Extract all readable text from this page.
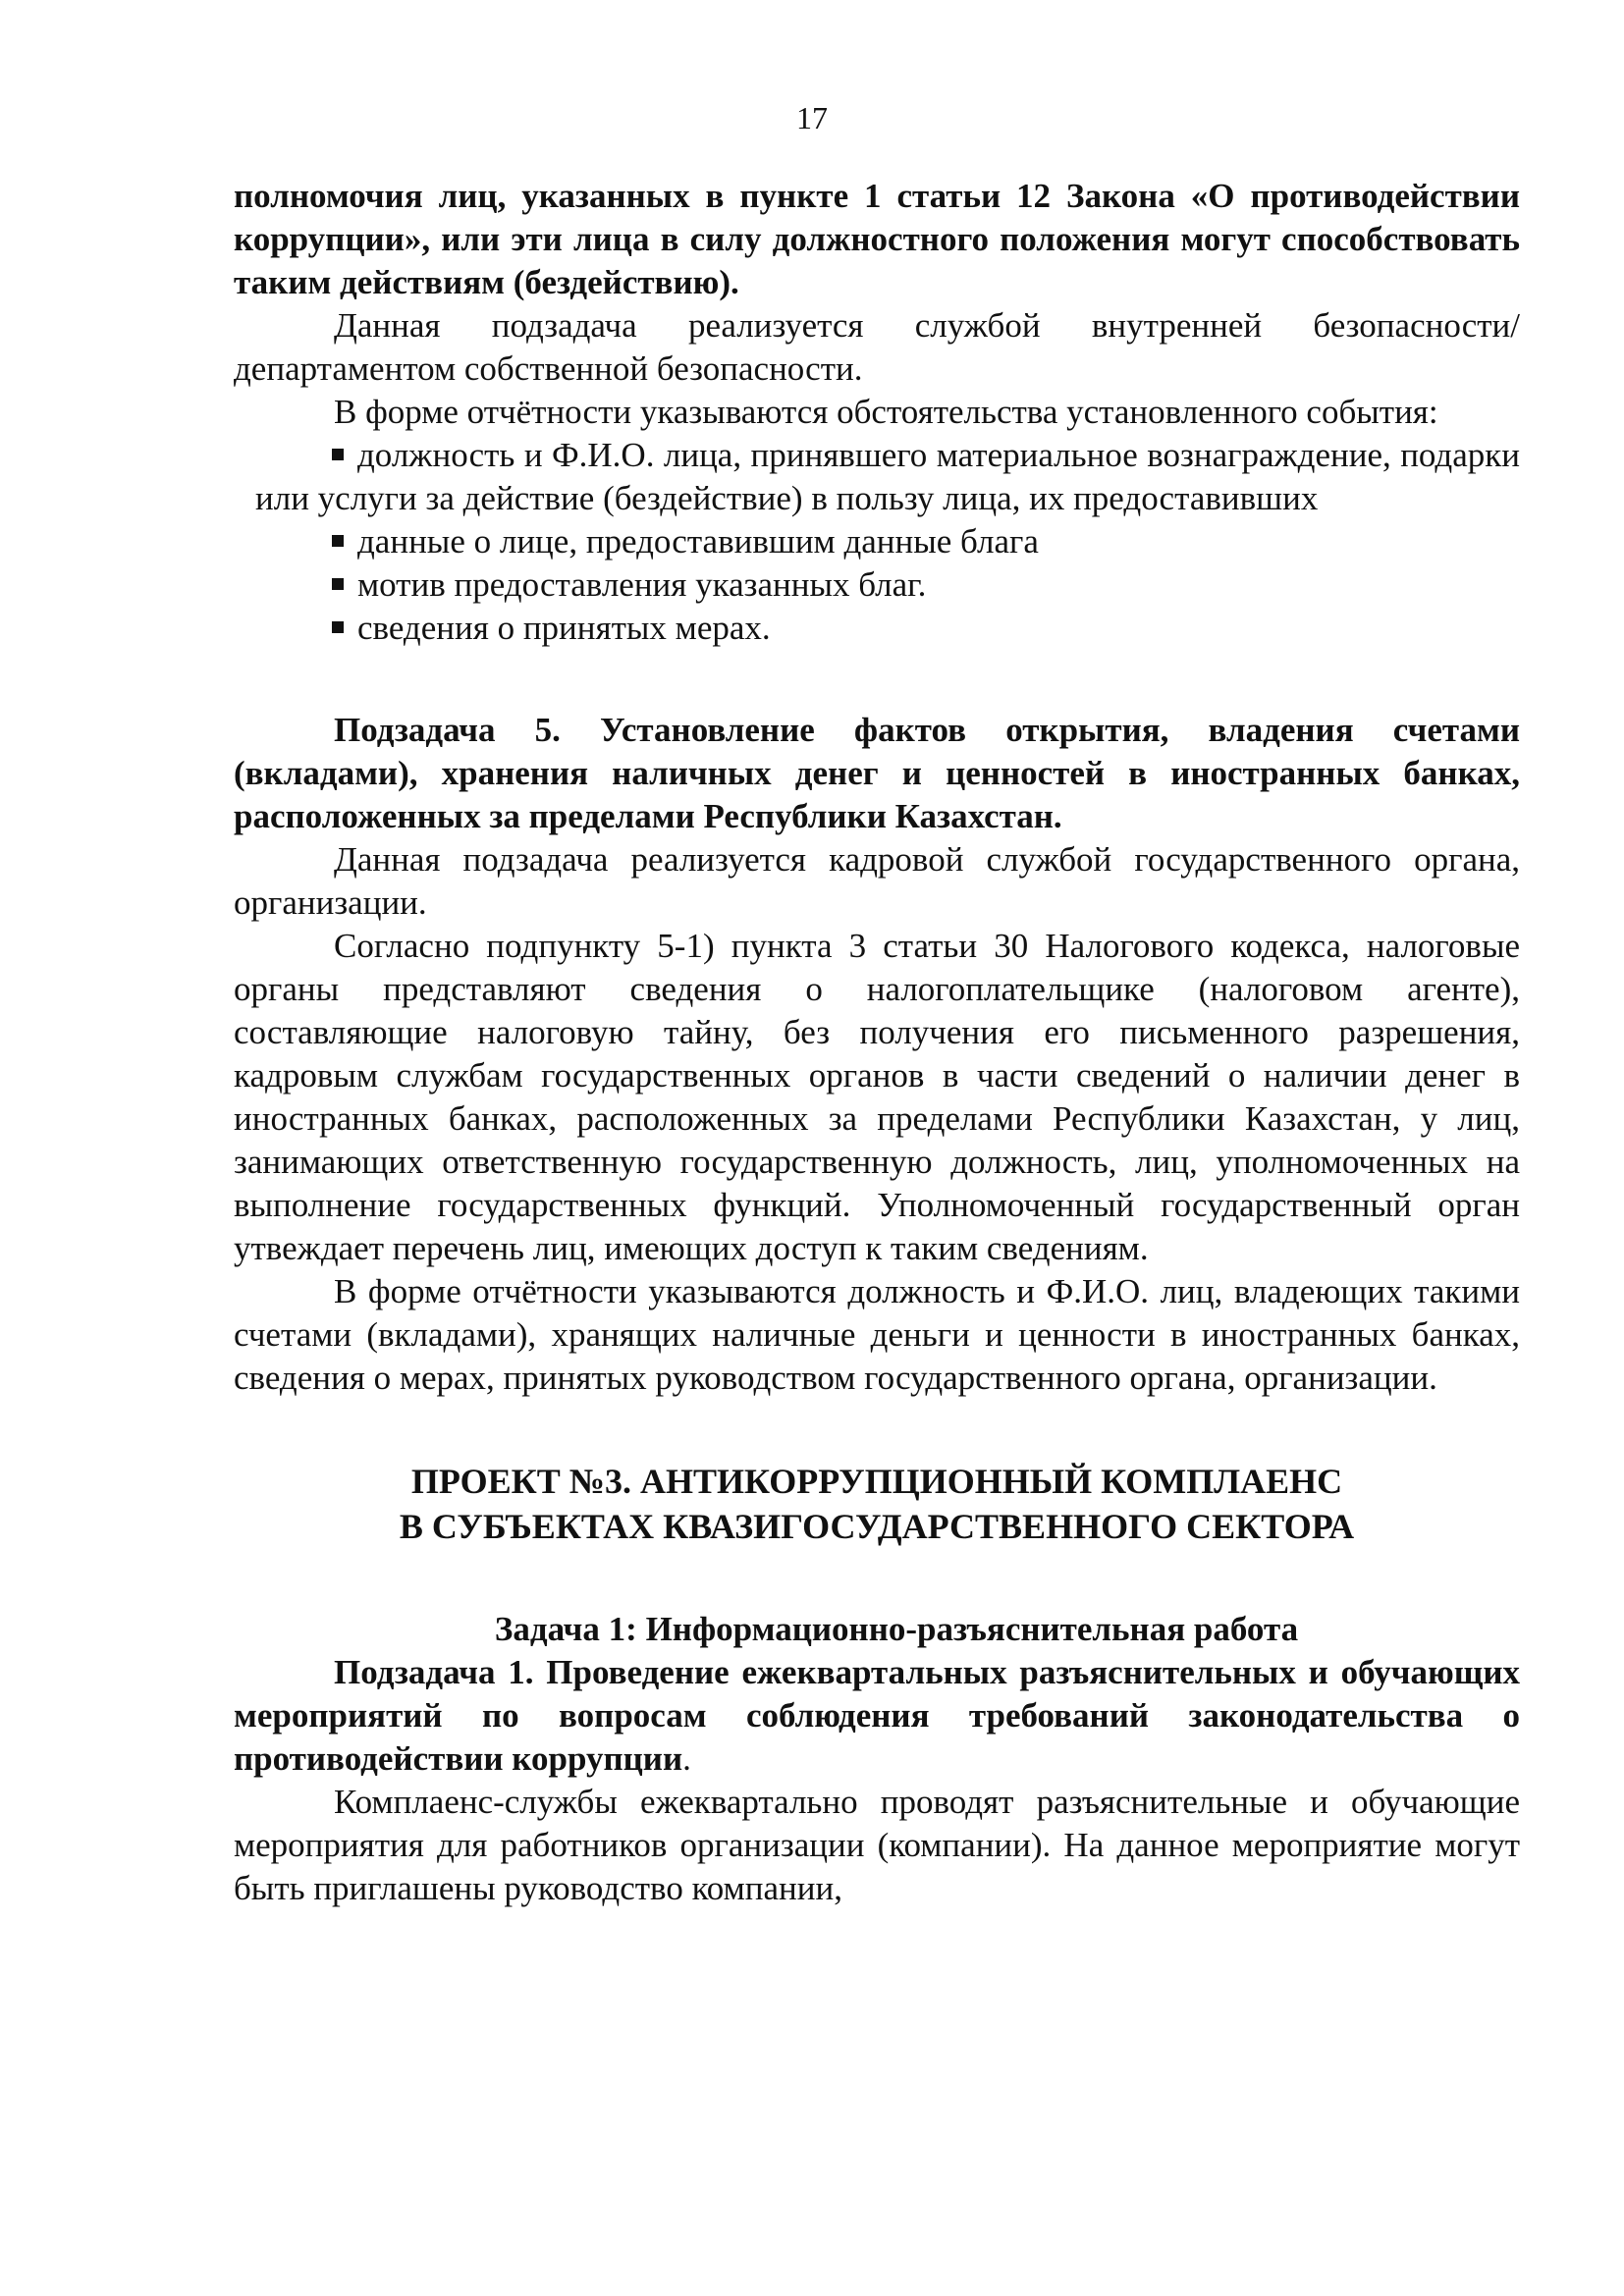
17

полномочия лиц, указанных в пункте 1 статьи 12 Закона «О противодействии коррупции», или эти лица в силу должностного положения могут способствовать таким действиям (бездействию).

Данная подзадача реализуется службой внутренней безопасности/департаментом собственной безопасности.

В форме отчётности указываются обстоятельства установленного события:

должность и Ф.И.О. лица, принявшего материальное вознаграждение, подарки или услуги за действие (бездействие) в пользу лица, их предоставивших
данные о лице, предоставившим данные блага
мотив предоставления указанных благ.
сведения о принятых мерах.

Подзадача 5. Установление фактов открытия, владения счетами (вкладами), хранения наличных денег и ценностей в иностранных банках, расположенных за пределами Республики Казахстан.

Данная подзадача реализуется кадровой службой государственного органа, организации.

Согласно подпункту 5-1) пункта 3 статьи 30 Налогового кодекса, налоговые органы представляют сведения о налогоплательщике (налоговом агенте), составляющие налоговую тайну, без получения его письменного разрешения, кадровым службам государственных органов в части сведений о наличии денег в иностранных банках, расположенных за пределами Республики Казахстан, у лиц, занимающих ответственную государственную должность, лиц, уполномоченных на выполнение государственных функций. Уполномоченный государственный орган утвеждает перечень лиц, имеющих доступ к таким сведениям.

В форме отчётности указываются должность и Ф.И.О. лиц, владеющих такими счетами (вкладами), хранящих наличные деньги и ценности в иностранных банках, сведения о мерах, принятых руководством государственного органа, организации.

ПРОЕКТ №3. АНТИКОРРУПЦИОННЫЙ КОМПЛАЕНС
В СУБЪЕКТАХ КВАЗИГОСУДАРСТВЕННОГО СЕКТОРА

Задача 1: Информационно-разъяснительная работа

Подзадача 1. Проведение ежеквартальных разъяснительных и обучающих мероприятий по вопросам соблюдения требований законодательства о противодействии коррупции.

Комплаенс-службы ежеквартально проводят разъяснительные и обучающие мероприятия для работников организации (компании). На данное мероприятие могут быть приглашены руководство компании,
